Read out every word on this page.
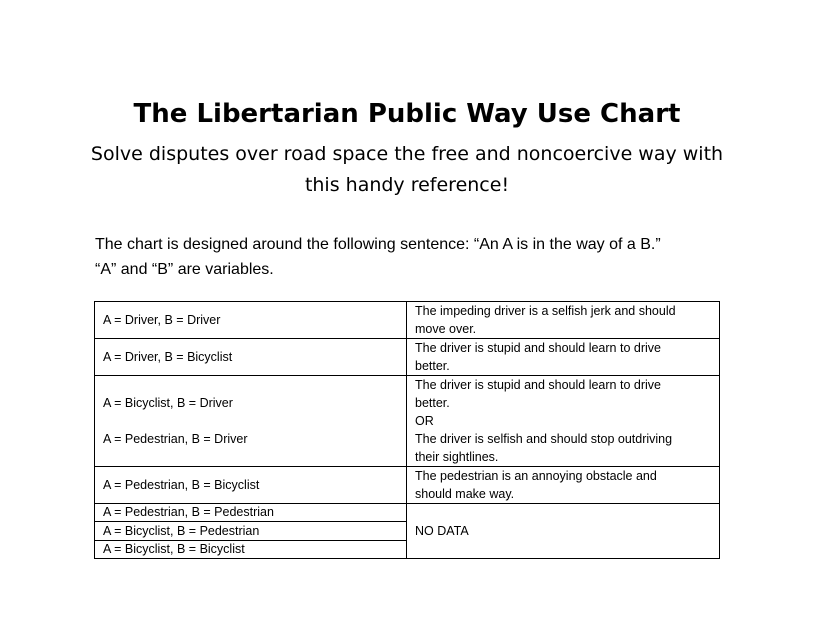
The Libertarian Public Way Use Chart

Solve disputes over road space the free and noncoercive way with this handy reference!

The chart is designed around the following sentence: “An A is in the way of a B.”

“A” and “B” are variables.

A = Driver, B = Driver	The impeding driver is a selfish jerk and should
move over.

A = Driver, B = Bicyclist	The driver is stupid and should learn to drive
better.

A = Bicyclist, B = Driver
A = Pedestrian, B = Driver	The driver is stupid and should learn to drive
better.
OR
The driver is selfish and should stop outdriving
their sightlines.

A = Pedestrian, B = Bicyclist	The pedestrian is an annoying obstacle and
should make way.

A = Pedestrian, B = Pedestrian	NO DATA
A = Bicyclist, B = Pedestrian	
A = Bicyclist, B = Bicyclist	
